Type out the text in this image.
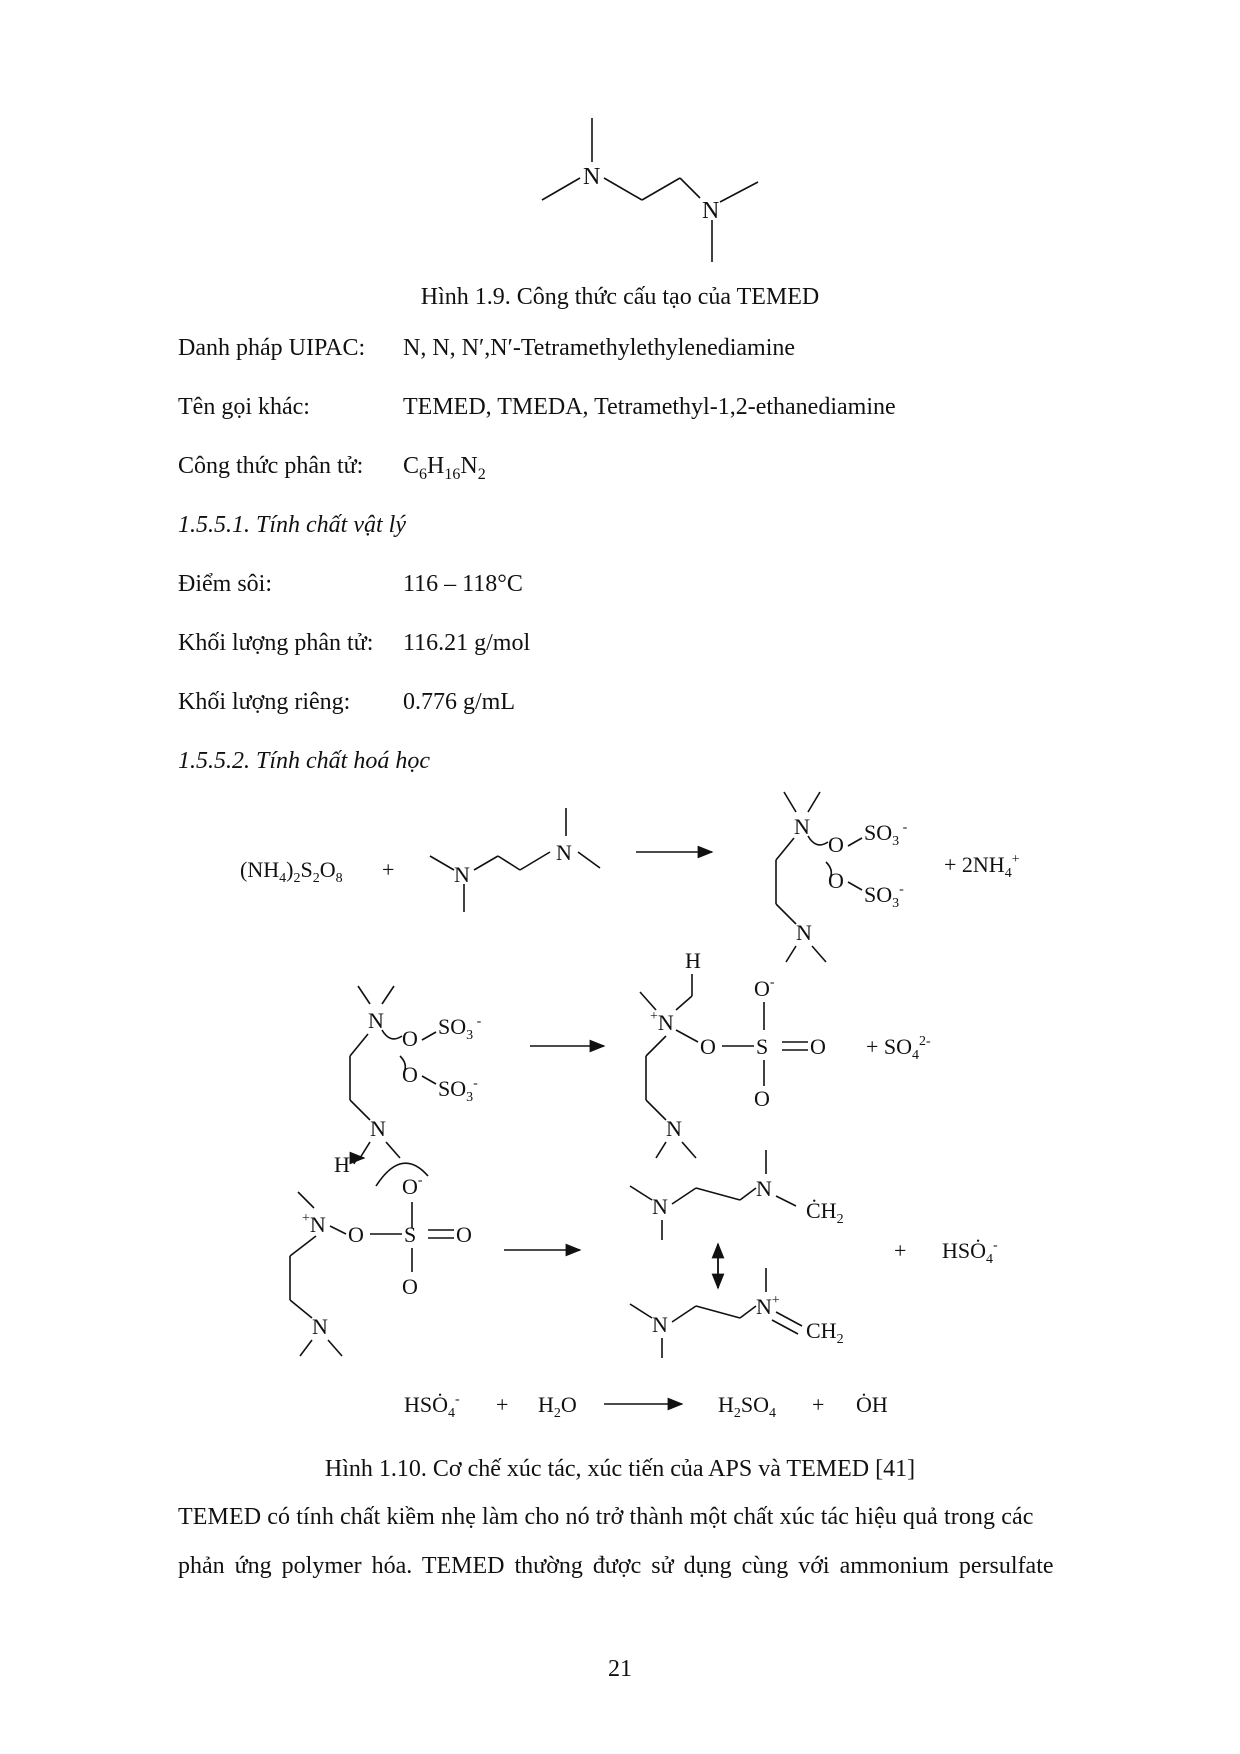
N
N
Hình 1.9. Công thức cấu tạo của TEMED
Danh pháp UIPAC: N, N, N′,N′-Tetramethylethylenediamine
Tên gọi khác:	TEMED, TMEDA, Tetramethyl-1,2-ethanediamine
Công thức phân tử: $C_6H_{16}N_2$
1.5.5.1. Tính chất vật lý
Điểm sôi:	116 – 118°C
Khối lượng phân tử: 116.21 g/mol
Khối lượng riêng: 0.776 g/mL
1.5.5.2. Tính chất hoá học
$(NH_4)_2S_2O_8$ +	N
N
N
N
O
O
$SO_3$ -
$SO_3^-$
+ $2NH_4^+$
N
N
O
O
$SO_3$ -
$SO_3^-$
H
+N
O S O
O-
O
N
+ $SO_4^{2-}$
H
O-
+N O S O
O
N
N
N
$ĊH_2$
N
N+
$CH_2$
+ $HSȮ_4^-$
$HSȮ_4^- + H_2O$	$H_2SO_4$ + ȮH
Hình 1.10. Cơ chế xúc tác, xúc tiến của APS và TEMED [41]
TEMED có tính chất kiềm nhẹ làm cho nó trở thành một chất xúc tác hiệu quả trong các
phản ứng polymer hóa. TEMED thường được sử dụng cùng với ammonium persulfate
21
